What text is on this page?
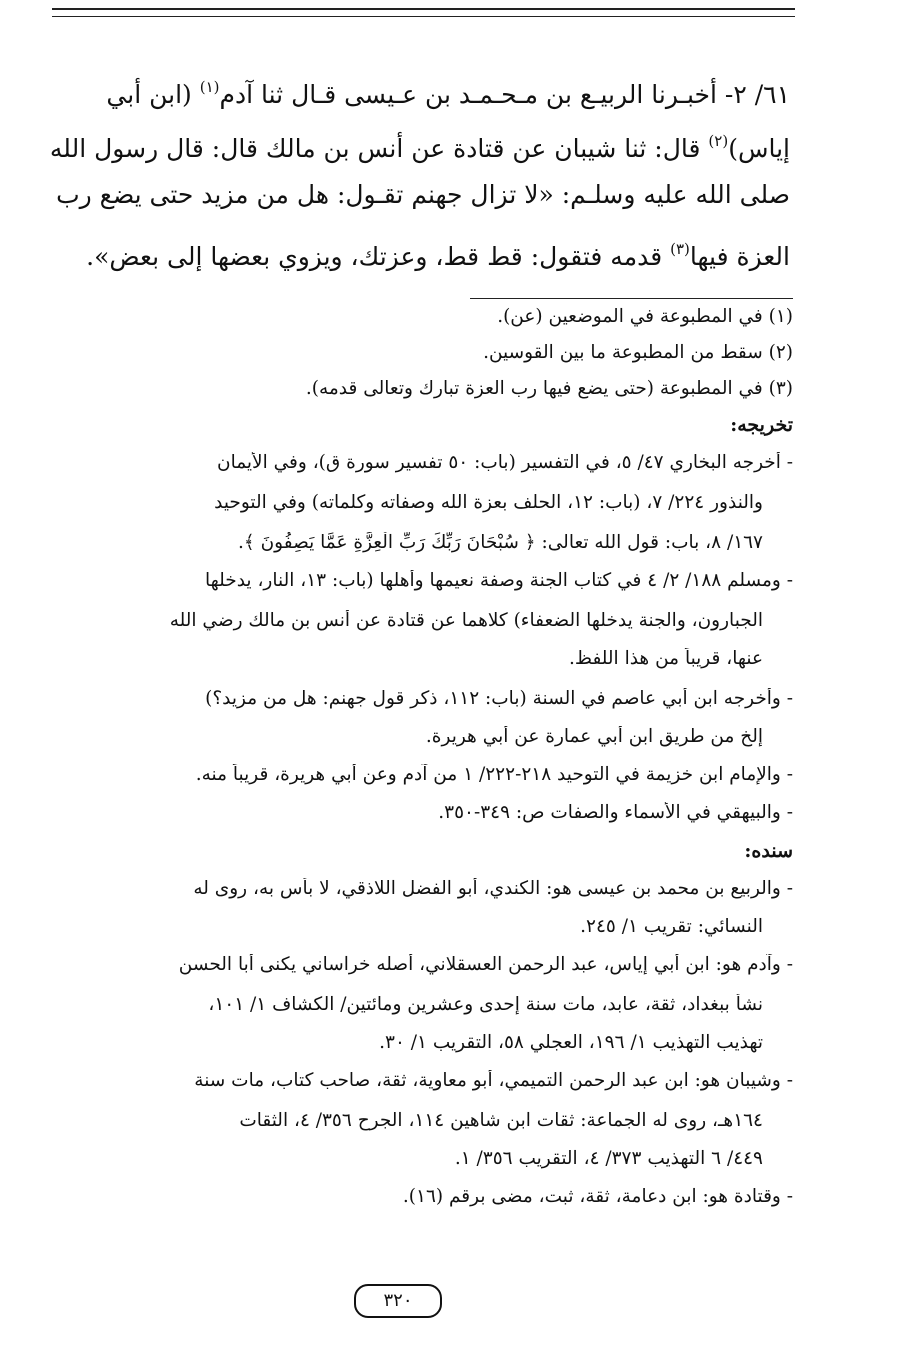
٦١/ ٢- أخبـرنا الربيـع بن مـحـمـد بن عـيسى قـال ثنا آدم$^{(١)}$ (ابن أبي
إياس)$^{(٢)}$ قال: ثنا شيبان عن قتادة عن أنس بن مالك قال: قال رسول الله
صلى الله عليه وسلـم: «لا تزال جهنم تقـول: هل من مزيد حتى يضع رب
العزة فيها$^{(٣)}$ قدمه فتقول: قط قط، وعزتك، ويزوي بعضها إلى بعض».

(١) في المطبوعة في الموضعين (عن).

(٢) سقط من المطبوعة ما بين القوسين.

(٣) في المطبوعة (حتى يضع فيها رب العزة تبارك وتعالى قدمه).

تخريجه:

- أخرجه البخاري ٤٧/ ٥، في التفسير (باب: ٥٠ تفسير سورة ق)، وفي الأيمان

والنذور ٢٢٤/ ٧، (باب: ١٢، الحلف بعزة الله وصفاته وكلماته) وفي التوحيد

١٦٧/ ٨، باب: قول الله تعالى: ﴿ سُبْحَانَ رَبِّكَ رَبِّ الْعِزَّةِ عَمَّا يَصِفُونَ ﴾.

- ومسلم ١٨٨/ ٢/ ٤ في كتاب الجنة وصفة نعيمها وأهلها (باب: ١٣، النار، يدخلها

الجبارون، والجنة يدخلها الضعفاء) كلاهما عن قتادة عن أنس بن مالك رضي الله

عنها، قريباً من هذا اللفظ.

- وأخرجه ابن أبي عاصم في السنة (باب: ١١٢، ذكر قول جهنم: هل من مزيد؟)

إلخ من طريق ابن أبي عمارة عن أبي هريرة.

- والإمام ابن خزيمة في التوحيد ٢١٨-٢٢٢/ ١ من آدم وعن أبي هريرة، قريباً منه.

- والبيهقي في الأسماء والصفات ص: ٣٤٩-٣٥٠.

سنده:

- والربيع بن محمد بن عيسى هو: الكندي، أبو الفضل اللاذقي، لا بأس به، روى له

النسائي: تقريب ١/ ٢٤٥.

- وآدم هو: ابن أبي إياس، عبد الرحمن العسقلاني، أصله خراساني يكنى أبا الحسن

نشأ ببغداد، ثقة، عابد، مات سنة إحدى وعشرين ومائتين/ الكشاف ١/ ١٠١،

تهذيب التهذيب ١/ ١٩٦، العجلي ٥٨، التقريب ١/ ٣٠.

- وشيبان هو: ابن عبد الرحمن التميمي، أبو معاوية، ثقة، صاحب كتاب، مات سنة

١٦٤هـ، روى له الجماعة: ثقات ابن شاهين ١١٤، الجرح ٣٥٦/ ٤، الثقات

٤٤٩/ ٦ التهذيب ٣٧٣/ ٤، التقريب ٣٥٦/ ١.

- وقتادة هو: ابن دعامة، ثقة، ثبت، مضى برقم (١٦).

٣٢٠
